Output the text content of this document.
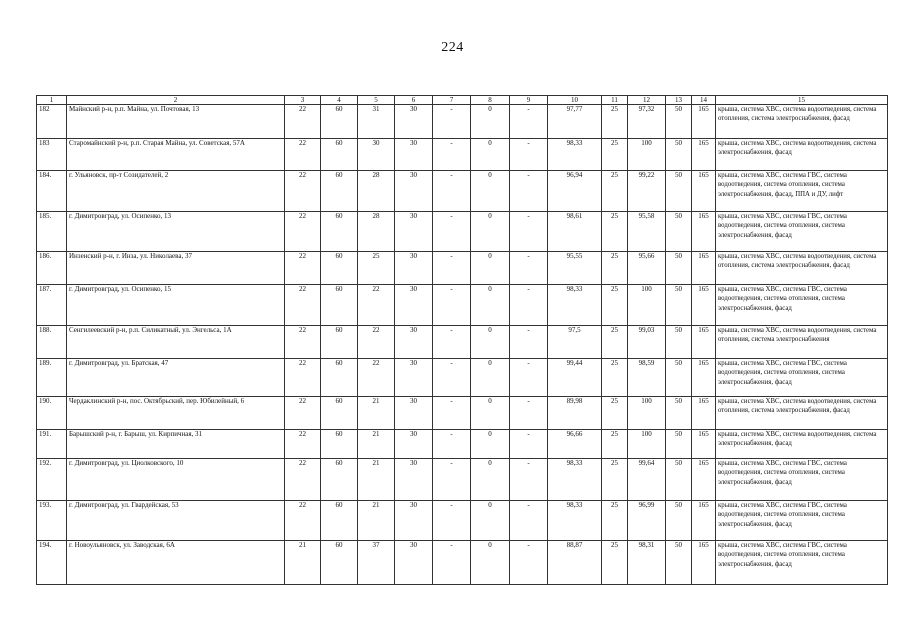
224
1	2	3	4	5	6	7	8	9	10	11	12	13	14	15
182	Майнский р-н, р.п. Майна, ул. Почтовая, 13	22	60	31	30	-	0	-	97,77	25	97,32	50	165	крыша, система ХВС, система водоотведения, система отопления, система электроснабжения, фасад
183	Старомайнский р-н, р.п. Старая Майна, ул. Советская, 57А	22	60	30	30	-	0	-	98,33	25	100	50	165	крыша, система ХВС, система водоотведения, система электроснабжения, фасад
184.	г. Ульяновск, пр-т Созидателей, 2	22	60	28	30	-	0	-	96,94	25	99,22	50	165	крыша, система ХВС, система ГВС, система водоотведения, система отопления, система электроснабжения, фасад, ППА и ДУ, лифт
185.	г. Димитровград, ул. Осипенко, 13	22	60	28	30	-	0	-	98,61	25	95,58	50	165	крыша, система ХВС, система ГВС, система водоотведения, система отопления, система электроснабжения, фасад
186.	Инзенский р-н, г. Инза, ул. Николаева, 37	22	60	25	30	-	0	-	95,55	25	95,66	50	165	крыша, система ХВС, система водоотведения, система отопления, система электроснабжения, фасад
187.	г. Димитровград, ул. Осипенко, 15	22	60	22	30	-	0	-	98,33	25	100	50	165	крыша, система ХВС, система ГВС, система водоотведения, система отопления, система электроснабжения, фасад
188.	Сенгилеевский р-н, р.п. Силикатный, ул. Энгельса, 1А	22	60	22	30	-	0	-	97,5	25	99,03	50	165	крыша, система ХВС, система водоотведения, система отопления, система электроснабжения
189.	г. Димитровград, ул. Братская, 47	22	60	22	30	-	0	-	99,44	25	98,59	50	165	крыша, система ХВС, система ГВС, система водоотведения, система отопления, система электроснабжения, фасад
190.	Чердаклинский р-н, пос. Октябрьский, пер. Юбилейный, 6	22	60	21	30	-	0	-	89,98	25	100	50	165	крыша, система ХВС, система водоотведения, система отопления, система электроснабжения, фасад
191.	Барышский р-н, г. Барыш, ул. Кирпичная, 31	22	60	21	30	-	0	-	96,66	25	100	50	165	крыша, система ХВС, система водоотведения, система электроснабжения, фасад
192.	г. Димитровград, ул. Циолковского, 10	22	60	21	30	-	0	-	98,33	25	99,64	50	165	крыша, система ХВС, система ГВС, система водоотведения, система отопления, система электроснабжения, фасад
193.	г. Димитровград, ул. Гвардейская, 53	22	60	21	30	-	0	-	98,33	25	96,99	50	165	крыша, система ХВС, система ГВС, система водоотведения, система отопления, система электроснабжения, фасад
194.	г. Новоульяновск, ул. Заводская, 6А	21	60	37	30	-	0	-	88,87	25	98,31	50	165	крыша, система ХВС, система ГВС, система водоотведения, система отопления, система электроснабжения, фасад
